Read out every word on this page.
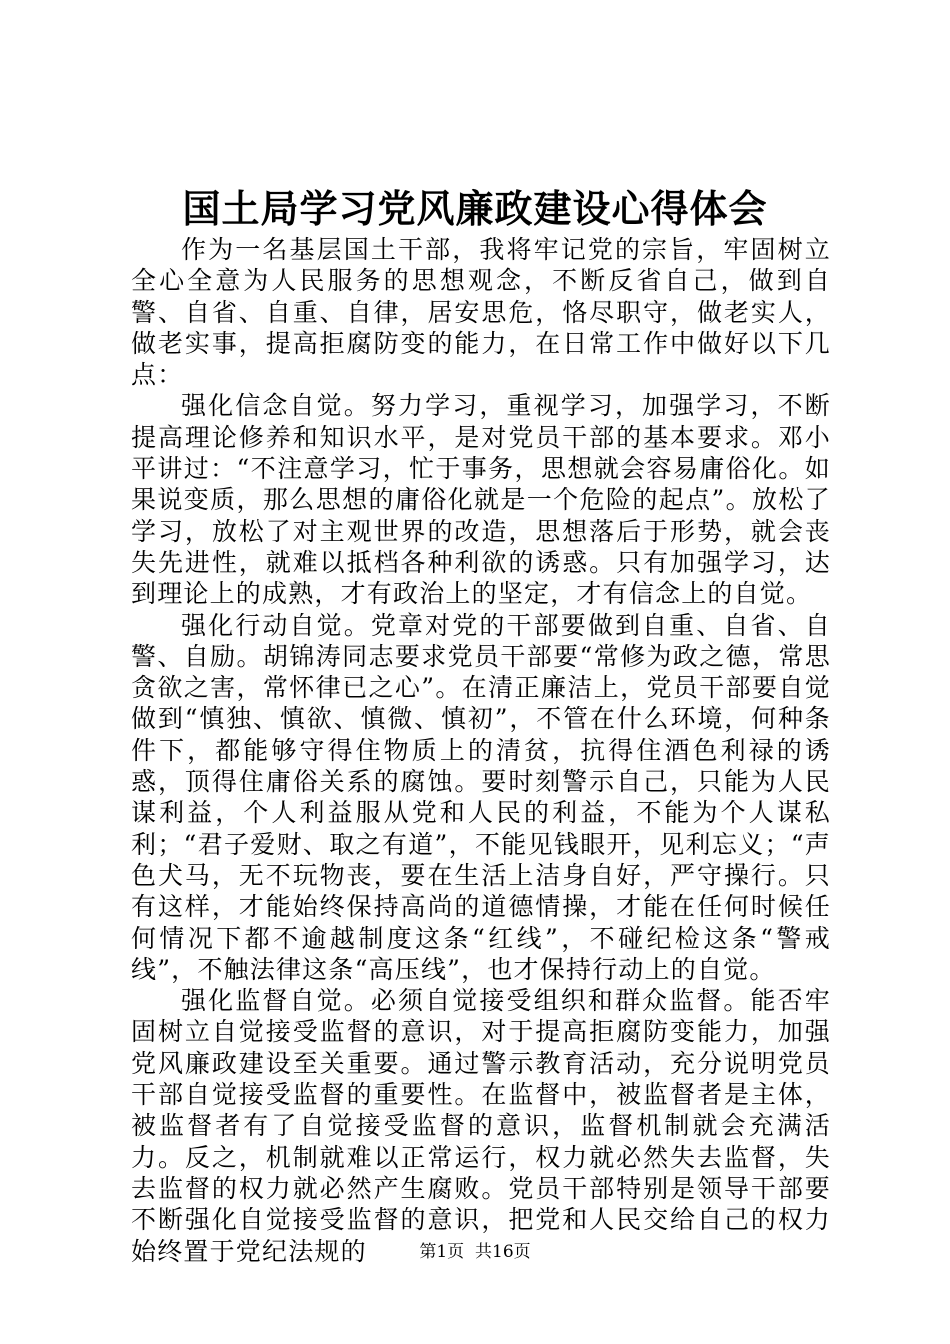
国土局学习党风廉政建设心得体会

作为一名基层国土干部，我将牢记党的宗旨，牢固树立全心全意为人民服务的思想观念，不断反省自己，做到自警、自省、自重、自律，居安思危，恪尽职守，做老实人，做老实事，提高拒腐防变的能力，在日常工作中做好以下几点：

强化信念自觉。努力学习，重视学习，加强学习，不断提高理论修养和知识水平，是对党员干部的基本要求。邓小平讲过：“不注意学习，忙于事务，思想就会容易庸俗化。如果说变质，那么思想的庸俗化就是一个危险的起点”。放松了学习，放松了对主观世界的改造，思想落后于形势，就会丧失先进性，就难以抵档各种利欲的诱惑。只有加强学习，达到理论上的成熟，才有政治上的坚定，才有信念上的自觉。

强化行动自觉。党章对党的干部要做到自重、自省、自警、自励。胡锦涛同志要求党员干部要“常修为政之德，常思贪欲之害，常怀律已之心”。在清正廉洁上，党员干部要自觉做到“慎独、慎欲、慎微、慎初”，不管在什么环境，何种条件下，都能够守得住物质上的清贫，抗得住酒色利禄的诱惑，顶得住庸俗关系的腐蚀。要时刻警示自己，只能为人民谋利益，个人利益服从党和人民的利益，不能为个人谋私利；“君子爱财、取之有道”，不能见钱眼开，见利忘义；“声色犬马，无不玩物丧，要在生活上洁身自好，严守操行。只有这样，才能始终保持高尚的道德情操，才能在任何时候任何情况下都不逾越制度这条“红线”，不碰纪检这条“警戒线”，不触法律这条“高压线”，也才保持行动上的自觉。

强化监督自觉。必须自觉接受组织和群众监督。能否牢固树立自觉接受监督的意识，对于提高拒腐防变能力，加强党风廉政建设至关重要。通过警示教育活动，充分说明党员干部自觉接受监督的重要性。在监督中，被监督者是主体，被监督者有了自觉接受监督的意识，监督机制就会充满活力。反之，机制就难以正常运行，权力就必然失去监督，失去监督的权力就必然产生腐败。党员干部特别是领导干部要不断强化自觉接受监督的意识，把党和人民交给自己的权力始终置于党纪法规的	第1页 共16页
